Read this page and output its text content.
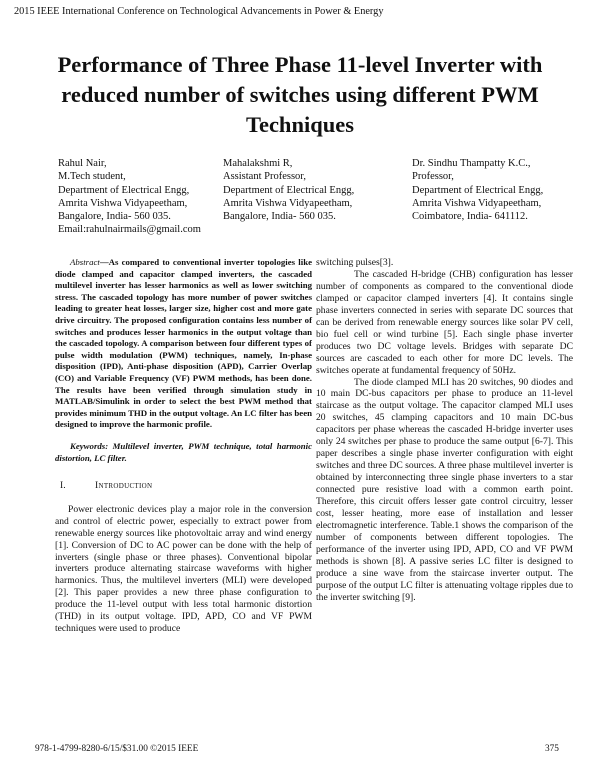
2015 IEEE International Conference on Technological Advancements in Power & Energy
Performance of Three Phase 11-level Inverter with reduced number of switches using different PWM Techniques
Rahul Nair,
M.Tech student,
Department of Electrical Engg,
Amrita Vishwa Vidyapeetham,
Bangalore, India- 560 035.
Email:rahulnairmails@gmail.com
Mahalakshmi R,
Assistant Professor,
Department of Electrical Engg,
Amrita Vishwa Vidyapeetham,
Bangalore, India- 560 035.
Dr. Sindhu Thampatty K.C.,
Professor,
Department of Electrical Engg,
Amrita Vishwa Vidyapeetham,
Coimbatore, India- 641112.

Abstract—As compared to conventional inverter topologies like diode clamped and capacitor clamped inverters, the cascaded multilevel inverter has lesser harmonics as well as lower switching stress. The cascaded topology has more number of power switches leading to greater heat losses, larger size, higher cost and more gate drive circuitry. The proposed configuration contains less number of switches and produces lesser harmonics in the output voltage than the cascaded topology. A comparison between four different types of pulse width modulation (PWM) techniques, namely, In-phase disposition (IPD), Anti-phase disposition (APD), Carrier Overlap (CO) and Variable Frequency (VF) PWM methods, has been done. The results have been verified through simulation study in MATLAB/Simulink in order to select the best PWM method that provides minimum THD in the output voltage. An LC filter has been designed to improve the harmonic profile.

Keywords: Multilevel inverter, PWM technique, total harmonic distortion, LC filter.

I.	Introduction

Power electronic devices play a major role in the conversion and control of electric power, especially to extract power from renewable energy sources like photovoltaic array and wind energy [1]. Conversion of DC to AC power can be done with the help of inverters (single phase or three phases). Conventional bipolar inverters produce alternating staircase waveforms with higher harmonics. Thus, the multilevel inverters (MLI) were developed [2]. This paper provides a new three phase configuration to produce the 11-level output with less total harmonic distortion (THD) in its output voltage. IPD, APD, CO and VF PWM techniques were used to produce

switching pulses[3].

The cascaded H-bridge (CHB) configuration has lesser number of components as compared to the conventional diode clamped or capacitor clamped inverters [4]. It contains single phase inverters connected in series with separate DC sources that can be derived from renewable energy sources like solar PV cell, bio fuel cell or wind turbine [5]. Each single phase inverter produces two DC voltage levels. Bridges with separate DC sources are cascaded to each other for more DC levels. The switches operate at fundamental frequency of 50Hz.

The diode clamped MLI has 20 switches, 90 diodes and 10 main DC-bus capacitors per phase to produce an 11-level staircase as the output voltage. The capacitor clamped MLI uses 20 switches, 45 clamping capacitors and 10 main DC-bus capacitors per phase whereas the cascaded H-bridge inverter uses only 24 switches per phase to produce the same output [6-7]. This paper describes a single phase inverter configuration with eight switches and three DC sources. A three phase multilevel inverter is obtained by interconnecting three single phase inverters to a star connected pure resistive load with a common earth point. Therefore, this circuit offers lesser gate control circuitry, lesser cost, lesser heating, more ease of installation and lesser electromagnetic interference. Table.1 shows the comparison of the number of components between different topologies. The performance of the inverter using IPD, APD, CO and VF PWM methods is shown [8]. A passive series LC filter is designed to produce a sine wave from the staircase inverter output. The purpose of the output LC filter is attenuating voltage ripples due to the inverter switching [9].

978-1-4799-8280-6/15/$31.00 ©2015 IEEE	375
